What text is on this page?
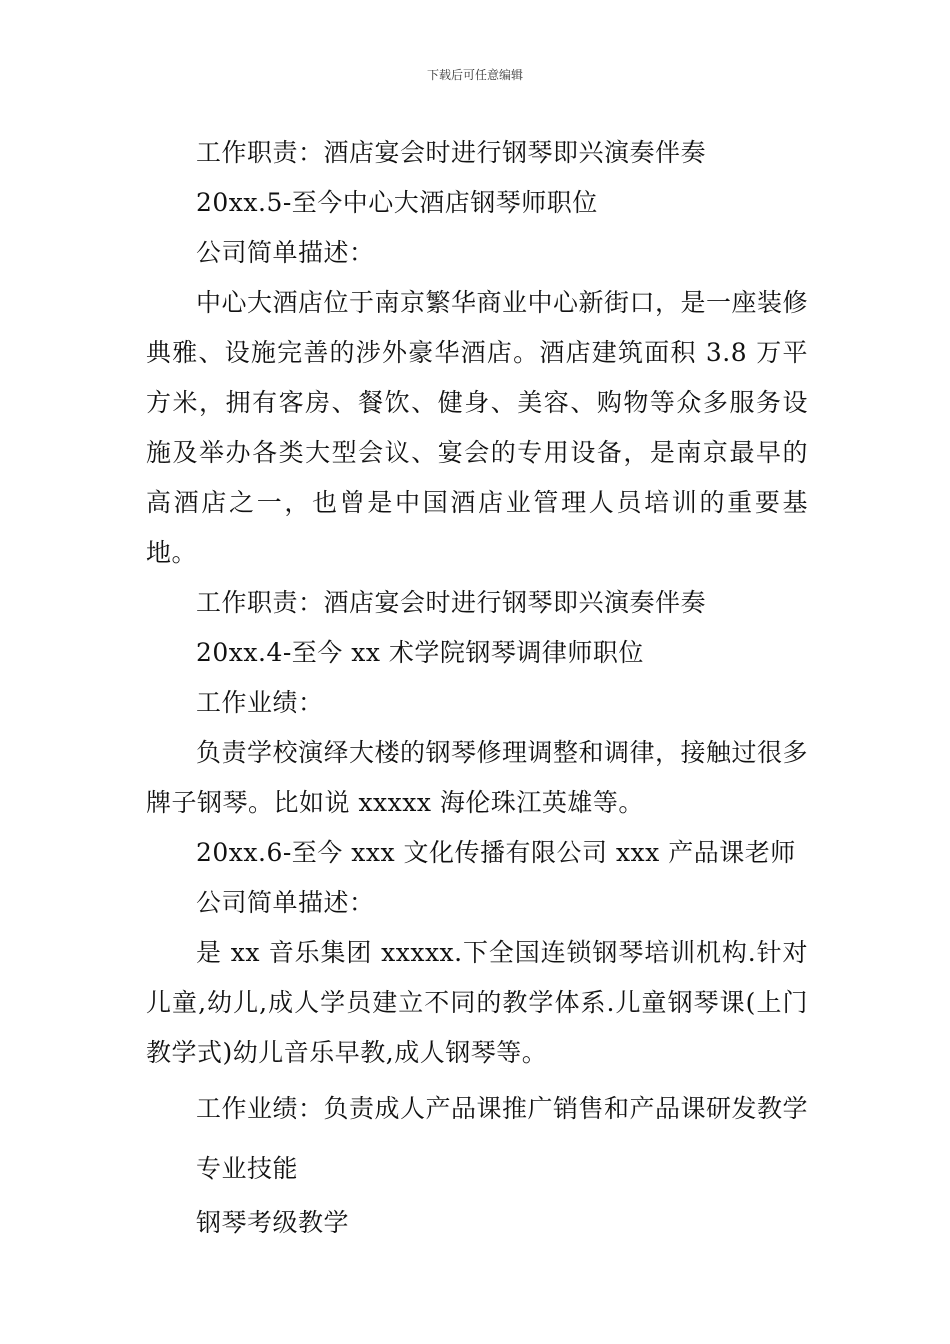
下载后可任意编辑
工作职责：酒店宴会时进行钢琴即兴演奏伴奏
20xx.5-至今中心大酒店钢琴师职位
公司简单描述：
中心大酒店位于南京繁华商业中心新街口，是一座装修典雅、设施完善的涉外豪华酒店。酒店建筑面积 3.8 万平方米，拥有客房、餐饮、健身、美容、购物等众多服务设施及举办各类大型会议、宴会的专用设备，是南京最早的高酒店之一，也曾是中国酒店业管理人员培训的重要基地。
工作职责：酒店宴会时进行钢琴即兴演奏伴奏
20xx.4-至今 xx 术学院钢琴调律师职位
工作业绩：
负责学校演绎大楼的钢琴修理调整和调律，接触过很多牌子钢琴。比如说 xxxxx 海伦珠江英雄等。
20xx.6-至今 xxx 文化传播有限公司 xxx 产品课老师
公司简单描述：
是 xx 音乐集团 xxxxx.下全国连锁钢琴培训机构.针对儿童,幼儿,成人学员建立不同的教学体系.儿童钢琴课(上门教学式)幼儿音乐早教,成人钢琴等。
工作业绩：负责成人产品课推广销售和产品课研发教学
专业技能
钢琴考级教学
